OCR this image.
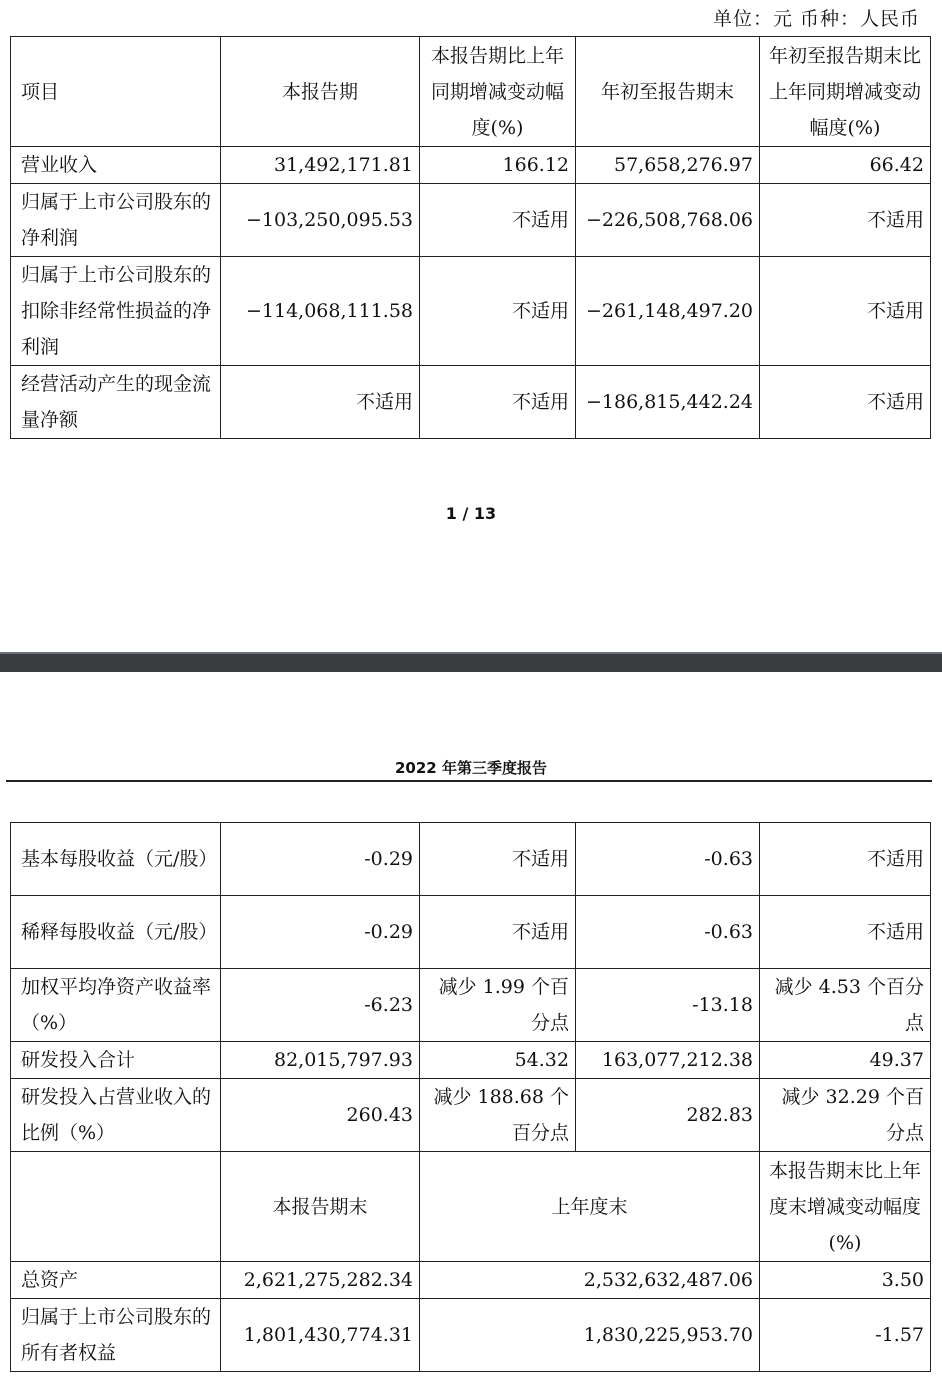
单位：元 币种：人民币
项目	本报告期	本报告期比上年同期增减变动幅度(%)	年初至报告期末	年初至报告期末比上年同期增减变动幅度(%)
营业收入	31,492,171.81	166.12	57,658,276.97	66.42
归属于上市公司股东的净利润	−103,250,095.53	不适用	−226,508,768.06	不适用
归属于上市公司股东的扣除非经常性损益的净利润	−114,068,111.58	不适用	−261,148,497.20	不适用
经营活动产生的现金流量净额	不适用	不适用	−186,815,442.24	不适用
1 / 13
2022 年第三季度报告
基本每股收益（元/股）	-0.29	不适用	-0.63	不适用
稀释每股收益（元/股）	-0.29	不适用	-0.63	不适用
加权平均净资产收益率（%）	-6.23	减少 1.99 个百分点	-13.18	减少 4.53 个百分点
研发投入合计	82,015,797.93	54.32	163,077,212.38	49.37
研发投入占营业收入的比例（%）	260.43	减少 188.68 个百分点	282.83	减少 32.29 个百分点
	本报告期末	上年度末		本报告期末比上年度末增减变动幅度(%)
总资产	2,621,275,282.34	2,532,632,487.06		3.50
归属于上市公司股东的所有者权益	1,801,430,774.31	1,830,225,953.70		-1.57
